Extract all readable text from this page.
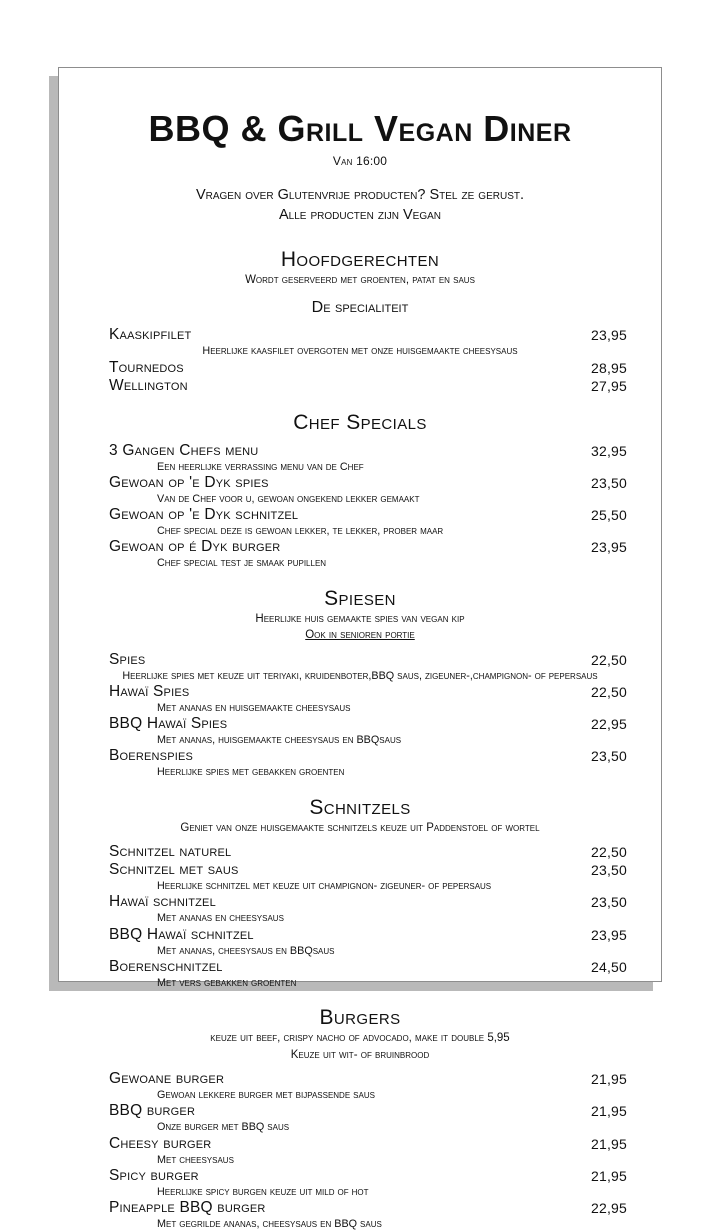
BBQ & Grill Vegan Diner
Van 16:00
Vragen over Glutenvrije producten? Stel ze gerust.
Alle producten zijn Vegan
Hoofdgerechten
Wordt geserveerd met groenten, patat en saus
De specialiteit
Kaaskipfilet	23,95
Heerlijke kaasfilet overgoten met onze huisgemaakte cheesysaus
Tournedos	28,95
Wellington	27,95
Chef Specials
3 Gangen Chefs menu	32,95
Een heerlijke verrassing menu van de Chef
Gewoan op 'e Dyk spies	23,50
Van de Chef voor u, gewoan ongekend lekker gemaakt
Gewoan op 'e Dyk schnitzel	25,50
Chef special deze is gewoan lekker, te lekker, prober maar
Gewoan op é Dyk burger	23,95
Chef special test je smaak pupillen
Spiesen
Heerlijke huis gemaakte spies van vegan kip
Ook in senioren portie
Spies	22,50
Heerlijke spies met keuze uit teriyaki, kruidenboter,BBQ saus, zigeuner-,champignon- of pepersaus
Hawaï Spies	22,50
Met ananas en huisgemaakte cheesysaus
BBQ Hawaï Spies	22,95
Met ananas, huisgemaakte cheesysaus en BBQsaus
Boerenspies	23,50
Heerlijke spies met gebakken groenten
Schnitzels
Geniet van onze huisgemaakte schnitzels keuze uit Paddenstoel of wortel
Schnitzel naturel	22,50
Schnitzel met saus	23,50
Heerlijke schnitzel met keuze uit champignon- zigeuner- of pepersaus
Hawaï schnitzel	23,50
Met ananas en cheesysaus
BBQ Hawaï schnitzel	23,95
Met ananas, cheesysaus en BBQsaus
Boerenschnitzel	24,50
Met vers gebakken groenten
Burgers
keuze uit beef, crispy nacho of advocado, make it double 5,95
Keuze uit wit- of bruinbrood
Gewoane burger	21,95
Gewoan lekkere burger met bijpassende saus
BBQ burger	21,95
Onze burger met BBQ saus
Cheesy burger	21,95
Met cheesysaus
Spicy burger	21,95
Heerlijke spicy burgen keuze uit mild of hot
Pineapple BBQ burger	22,95
Met gegrilde ananas, cheesysaus en BBQ saus
